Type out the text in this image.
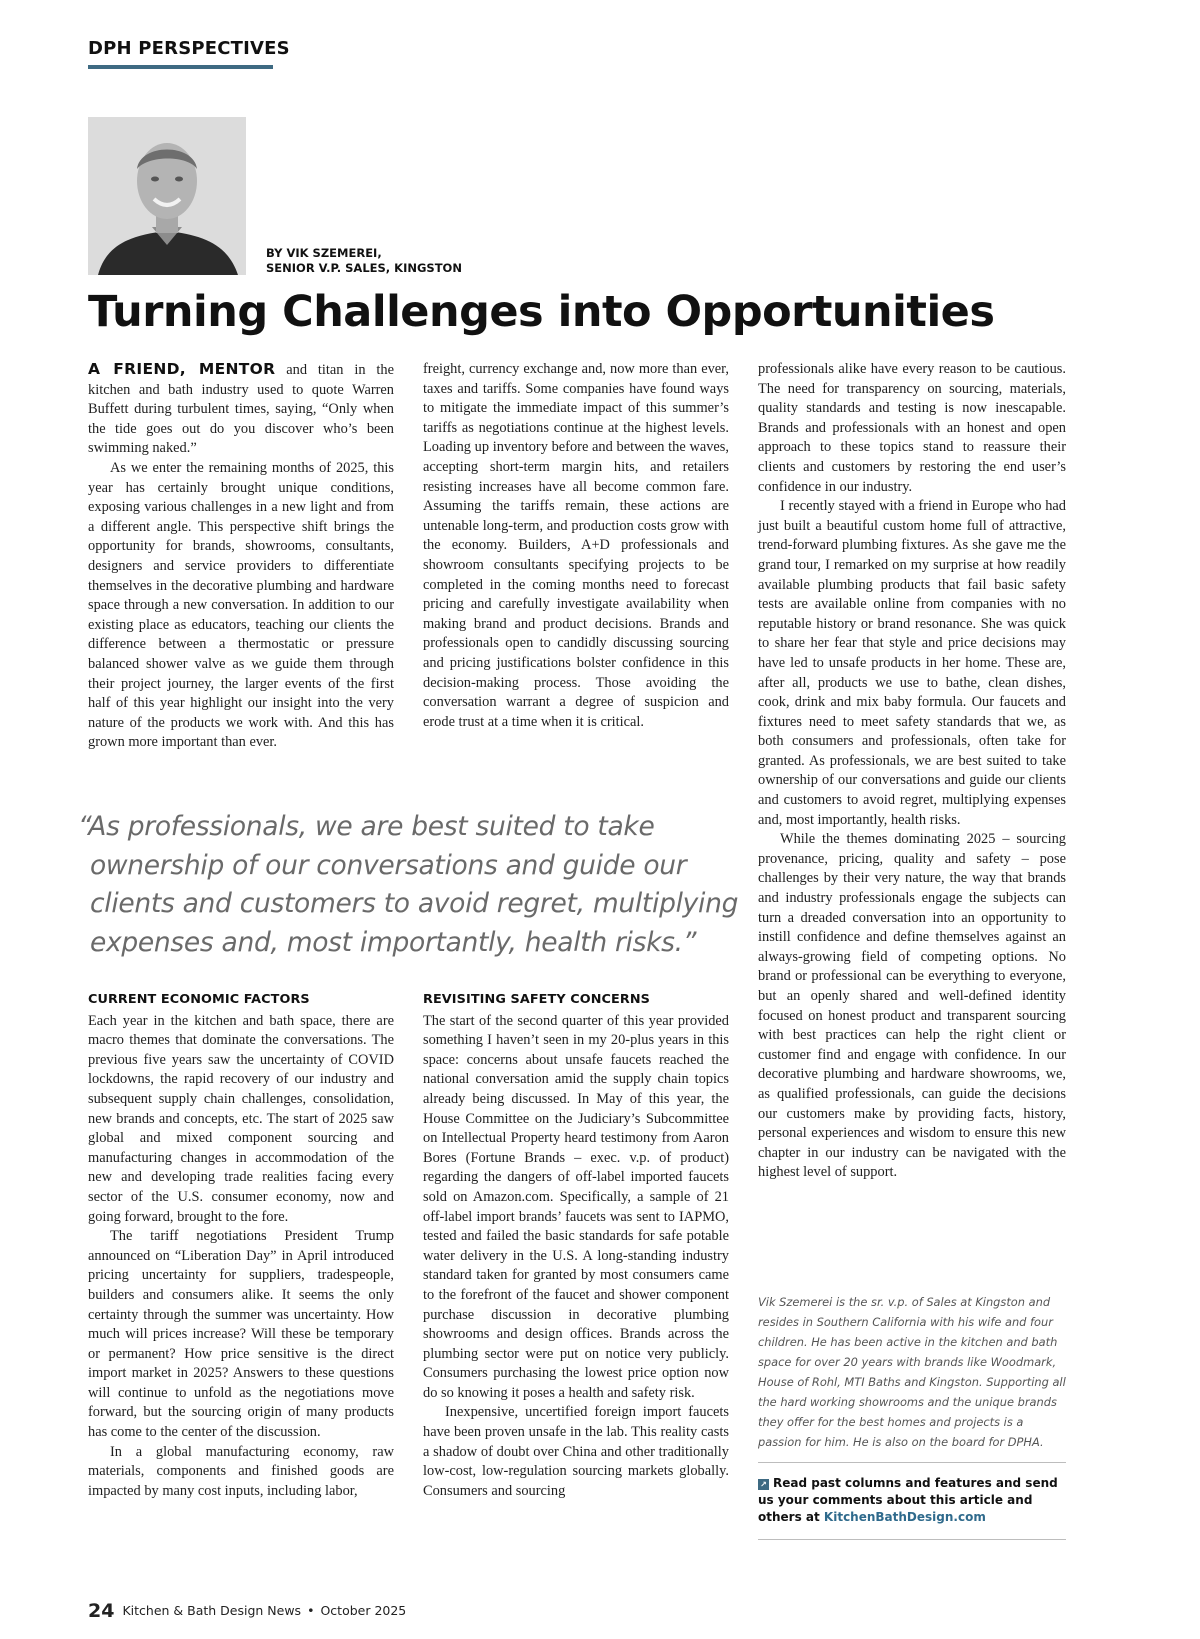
DPH PERSPECTIVES
BY VIK SZEMEREI,
SENIOR V.P. SALES, KINGSTON
Turning Challenges into Opportunities

A FRIEND, MENTOR and titan in the kitchen and bath industry used to quote Warren Buffett during turbulent times, saying, “Only when the tide goes out do you discover who’s been swimming naked.”

As we enter the remaining months of 2025, this year has certainly brought unique conditions, exposing various challenges in a new light and from a different angle. This perspective shift brings the opportunity for brands, showrooms, consultants, designers and service providers to differentiate themselves in the decorative plumbing and hardware space through a new conversation. In addition to our existing place as educators, teaching our clients the difference between a thermostatic or pressure balanced shower valve as we guide them through their project journey, the larger events of the first half of this year highlight our insight into the very nature of the products we work with. And this has grown more important than ever.

freight, currency exchange and, now more than ever, taxes and tariffs. Some companies have found ways to mitigate the immediate impact of this summer’s tariffs as negotiations continue at the highest levels. Loading up inventory before and between the waves, accepting short-term margin hits, and retailers resisting increases have all become common fare. Assuming the tariffs remain, these actions are untenable long-term, and production costs grow with the economy. Builders, A+D professionals and showroom consultants specifying projects to be completed in the coming months need to forecast pricing and carefully investigate availability when making brand and product decisions. Brands and professionals open to candidly discussing sourcing and pricing justifications bolster confidence in this decision-making process. Those avoiding the conversation warrant a degree of suspicion and erode trust at a time when it is critical.

“As professionals, we are best suited to take ownership of our conversations and guide our clients and customers to avoid regret, multiplying expenses and, most importantly, health risks.”
CURRENT ECONOMIC FACTORS

Each year in the kitchen and bath space, there are macro themes that dominate the conversations. The previous five years saw the uncertainty of COVID lockdowns, the rapid recovery of our industry and subsequent supply chain challenges, consolidation, new brands and concepts, etc. The start of 2025 saw global and mixed component sourcing and manufacturing changes in accommodation of the new and developing trade realities facing every sector of the U.S. consumer economy, now and going forward, brought to the fore.

The tariff negotiations President Trump announced on “Liberation Day” in April introduced pricing uncertainty for suppliers, tradespeople, builders and consumers alike. It seems the only certainty through the summer was uncertainty. How much will prices increase? Will these be temporary or permanent? How price sensitive is the direct import market in 2025? Answers to these questions will continue to unfold as the negotiations move forward, but the sourcing origin of many products has come to the center of the discussion.

In a global manufacturing economy, raw materials, components and finished goods are impacted by many cost inputs, including labor,

REVISITING SAFETY CONCERNS

The start of the second quarter of this year provided something I haven’t seen in my 20-plus years in this space: concerns about unsafe faucets reached the national conversation amid the supply chain topics already being discussed. In May of this year, the House Committee on the Judiciary’s Subcommittee on Intellectual Property heard testimony from Aaron Bores (Fortune Brands – exec. v.p. of product) regarding the dangers of off-label imported faucets sold on Amazon.com. Specifically, a sample of 21 off-label import brands’ faucets was sent to IAPMO, tested and failed the basic standards for safe potable water delivery in the U.S. A long-standing industry standard taken for granted by most consumers came to the forefront of the faucet and shower component purchase discussion in decorative plumbing showrooms and design offices. Brands across the plumbing sector were put on notice very publicly. Consumers purchasing the lowest price option now do so knowing it poses a health and safety risk.

Inexpensive, uncertified foreign import faucets have been proven unsafe in the lab. This reality casts a shadow of doubt over China and other traditionally low-cost, low-regulation sourcing markets globally. Consumers and sourcing

professionals alike have every reason to be cautious. The need for transparency on sourcing, materials, quality standards and testing is now inescapable. Brands and professionals with an honest and open approach to these topics stand to reassure their clients and customers by restoring the end user’s confidence in our industry.

I recently stayed with a friend in Europe who had just built a beautiful custom home full of attractive, trend-forward plumbing fixtures. As she gave me the grand tour, I remarked on my surprise at how readily available plumbing products that fail basic safety tests are available online from companies with no reputable history or brand resonance. She was quick to share her fear that style and price decisions may have led to unsafe products in her home. These are, after all, products we use to bathe, clean dishes, cook, drink and mix baby formula. Our faucets and fixtures need to meet safety standards that we, as both consumers and professionals, often take for granted. As professionals, we are best suited to take ownership of our conversations and guide our clients and customers to avoid regret, multiplying expenses and, most importantly, health risks.

While the themes dominating 2025 – sourcing provenance, pricing, quality and safety – pose challenges by their very nature, the way that brands and industry professionals engage the subjects can turn a dreaded conversation into an opportunity to instill confidence and define themselves against an always-growing field of competing options. No brand or professional can be everything to everyone, but an openly shared and well-defined identity focused on honest product and transparent sourcing with best practices can help the right client or customer find and engage with confidence. In our decorative plumbing and hardware showrooms, we, as qualified professionals, can guide the decisions our customers make by providing facts, history, personal experiences and wisdom to ensure this new chapter in our industry can be navigated with the highest level of support.

Vik Szemerei is the sr. v.p. of Sales at Kingston and resides in Southern California with his wife and four children. He has been active in the kitchen and bath space for over 20 years with brands like Woodmark, House of Rohl, MTI Baths and Kingston. Supporting all the hard working showrooms and the unique brands they offer for the best homes and projects is a passion for him. He is also on the board for DPHA.
↗ Read past columns and features and send us your comments about this article and others at KitchenBathDesign.com
24 Kitchen & Bath Design News • October 2025
